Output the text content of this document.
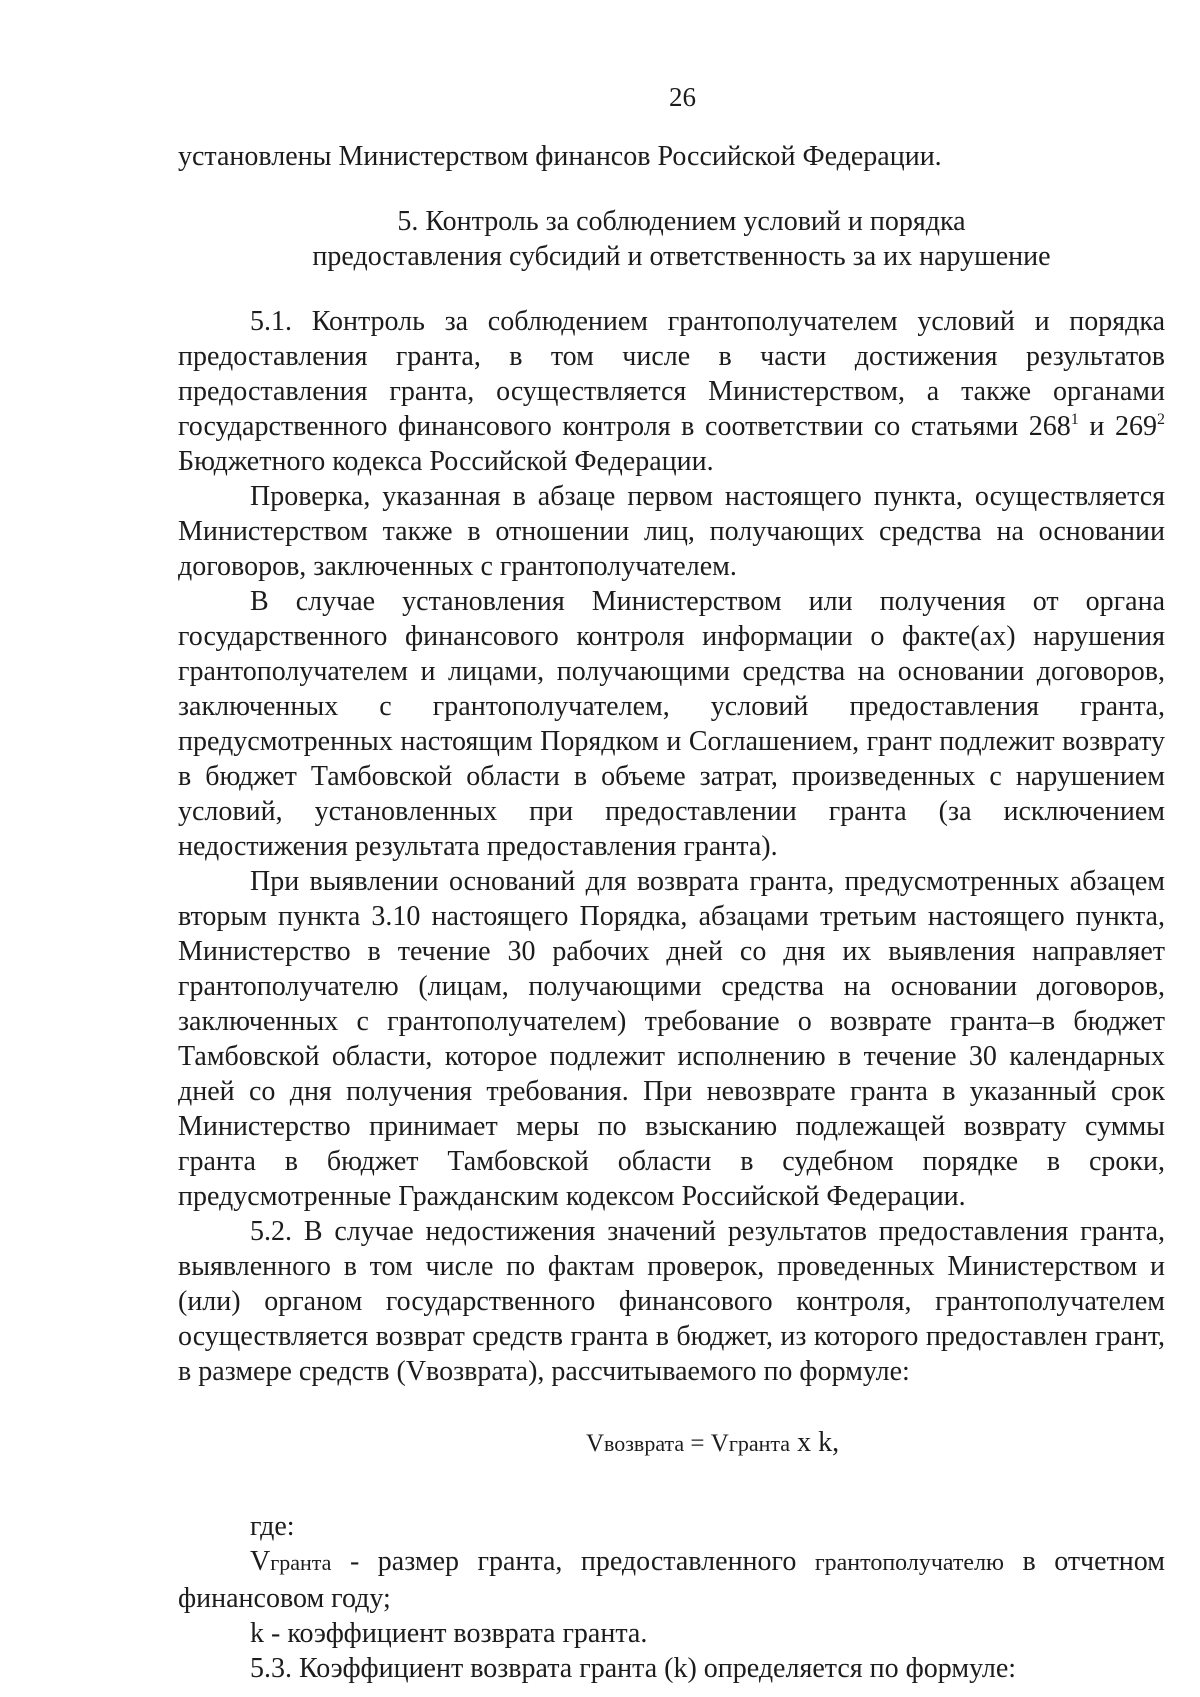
26

установлены Министерством финансов Российской Федерации.

5. Контроль за соблюдением условий и порядка
предоставления субсидий и ответственность за их нарушение

5.1. Контроль за соблюдением грантополучателем условий и порядка предоставления гранта, в том числе в части достижения результатов предоставления гранта, осуществляется Министерством, а также органами государственного финансового контроля в соответствии со статьями $268^1$ и $269^2$ Бюджетного кодекса Российской Федерации.

Проверка, указанная в абзаце первом настоящего пункта, осуществляется Министерством также в отношении лиц, получающих средства на основании договоров, заключенных с грантополучателем.

В случае установления Министерством или получения от органа государственного финансового контроля информации о факте(ах) нарушения грантополучателем и лицами, получающими средства на основании договоров, заключенных с грантополучателем, условий предоставления гранта, предусмотренных настоящим Порядком и Соглашением, грант подлежит возврату в бюджет Тамбовской области в объеме затрат, произведенных с нарушением условий, установленных при предоставлении гранта (за исключением недостижения результата предоставления гранта).

При выявлении оснований для возврата гранта, предусмотренных абзацем вторым пункта 3.10 настоящего Порядка, абзацами третьим настоящего пункта, Министерство в течение 30 рабочих дней со дня их выявления направляет грантополучателю (лицам, получающими средства на основании договоров, заключенных с грантополучателем) требование о возврате гранта–в бюджет Тамбовской области, которое подлежит исполнению в течение 30 календарных дней со дня получения требования. При невозврате гранта в указанный срок Министерство принимает меры по взысканию подлежащей возврату суммы гранта в бюджет Тамбовской области в судебном порядке в сроки, предусмотренные Гражданским кодексом Российской Федерации.

5.2. В случае недостижения значений результатов предоставления гранта, выявленного в том числе по фактам проверок, проведенных Министерством и (или) органом государственного финансового контроля, грантополучателем осуществляется возврат средств гранта в бюджет, из которого предоставлен грант, в размере средств (Vвозврата), рассчитываемого по формуле:

Vвозврата = Vгранта x k,

где:

Vгранта - размер гранта, предоставленного грантополучателю в отчетном финансовом году;

k - коэффициент возврата гранта.

5.3. Коэффициент возврата гранта (k) определяется по формуле:
